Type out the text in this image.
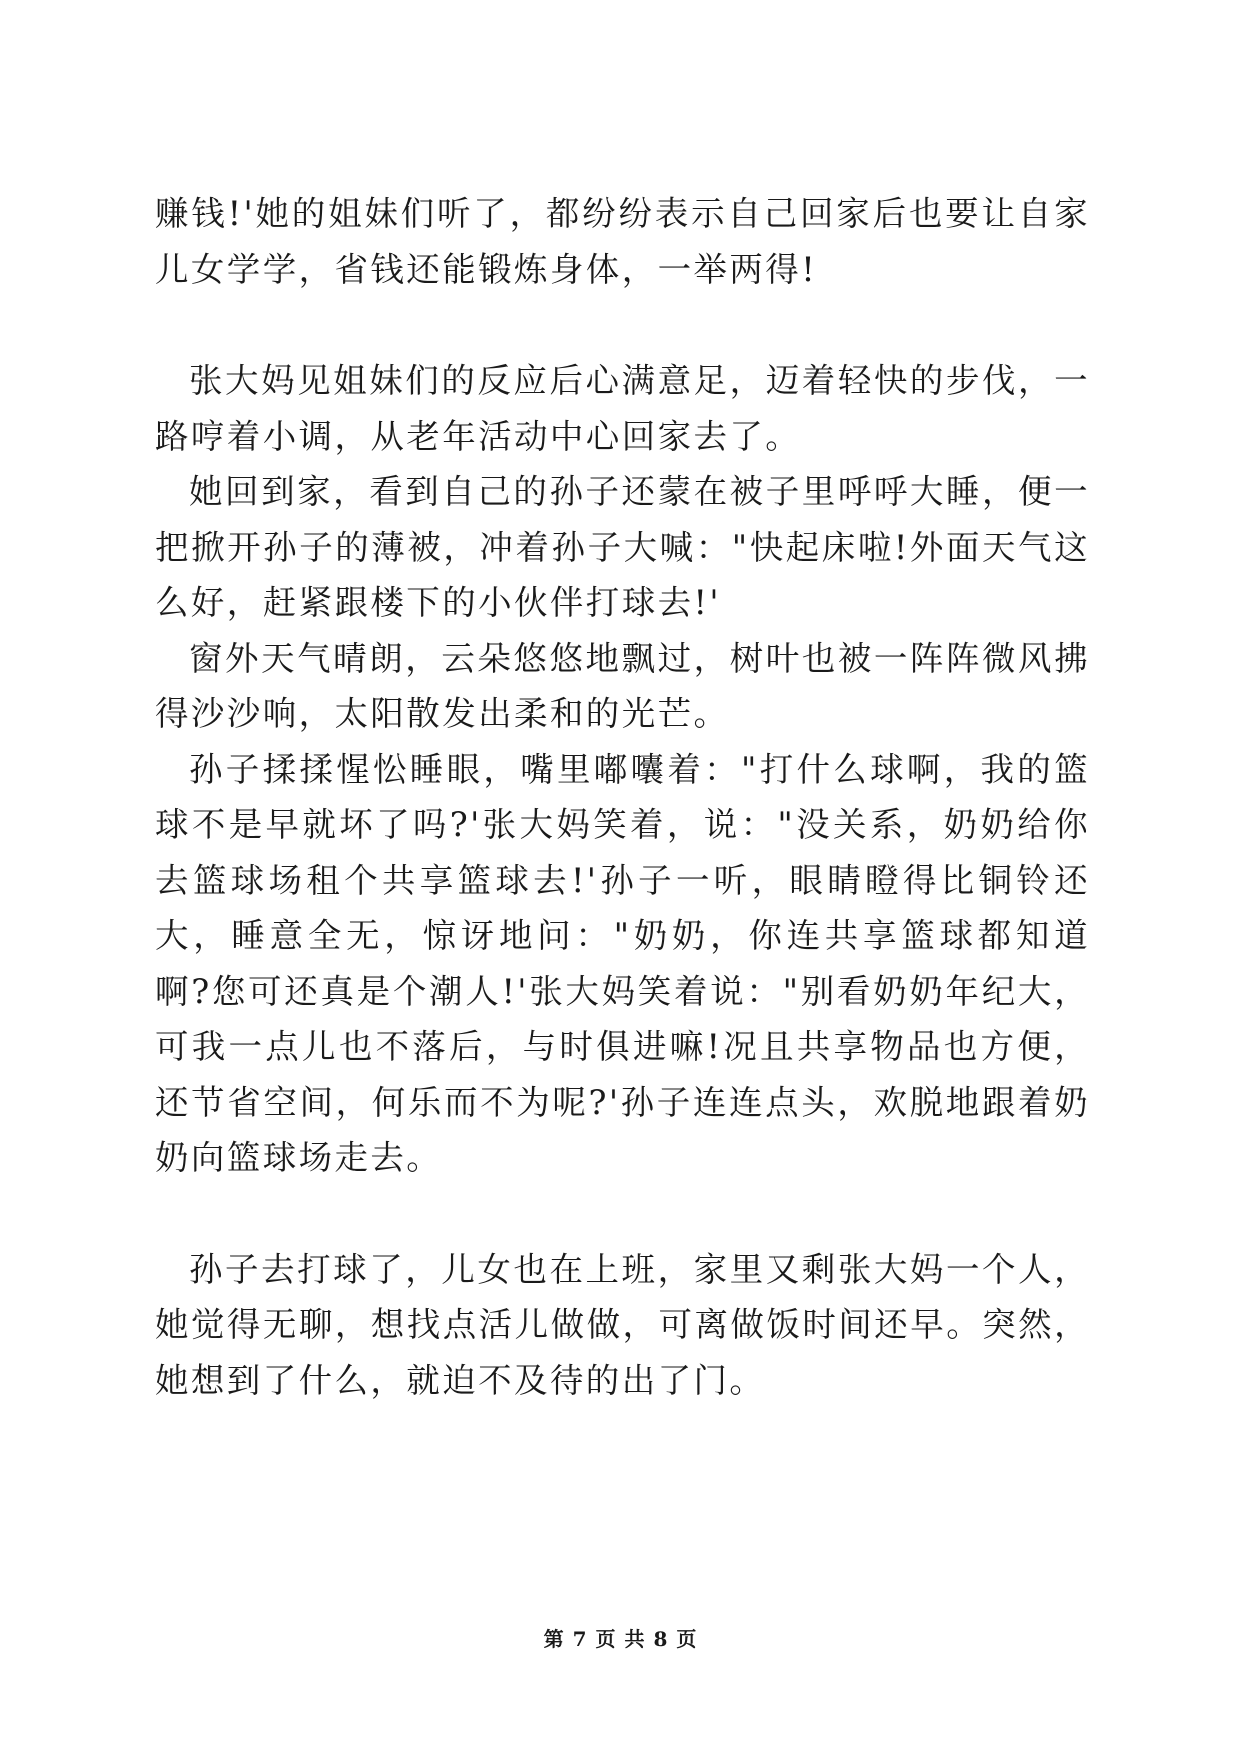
赚钱!'她的姐妹们听了，都纷纷表示自己回家后也要让自家儿女学学，省钱还能锻炼身体，一举两得!

张大妈见姐妹们的反应后心满意足，迈着轻快的步伐，一路哼着小调，从老年活动中心回家去了。

她回到家，看到自己的孙子还蒙在被子里呼呼大睡，便一把掀开孙子的薄被，冲着孙子大喊："快起床啦!外面天气这么好，赶紧跟楼下的小伙伴打球去!'

窗外天气晴朗，云朵悠悠地飘过，树叶也被一阵阵微风拂得沙沙响，太阳散发出柔和的光芒。

孙子揉揉惺忪睡眼，嘴里嘟囔着："打什么球啊，我的篮球不是早就坏了吗?'张大妈笑着，说："没关系，奶奶给你去篮球场租个共享篮球去!'孙子一听，眼睛瞪得比铜铃还大，睡意全无，惊讶地问："奶奶，你连共享篮球都知道啊?您可还真是个潮人!'张大妈笑着说："别看奶奶年纪大，可我一点儿也不落后，与时俱进嘛!况且共享物品也方便，还节省空间，何乐而不为呢?'孙子连连点头，欢脱地跟着奶奶向篮球场走去。

孙子去打球了，儿女也在上班，家里又剩张大妈一个人，她觉得无聊，想找点活儿做做，可离做饭时间还早。突然，她想到了什么，就迫不及待的出了门。

第 7 页 共 8 页
